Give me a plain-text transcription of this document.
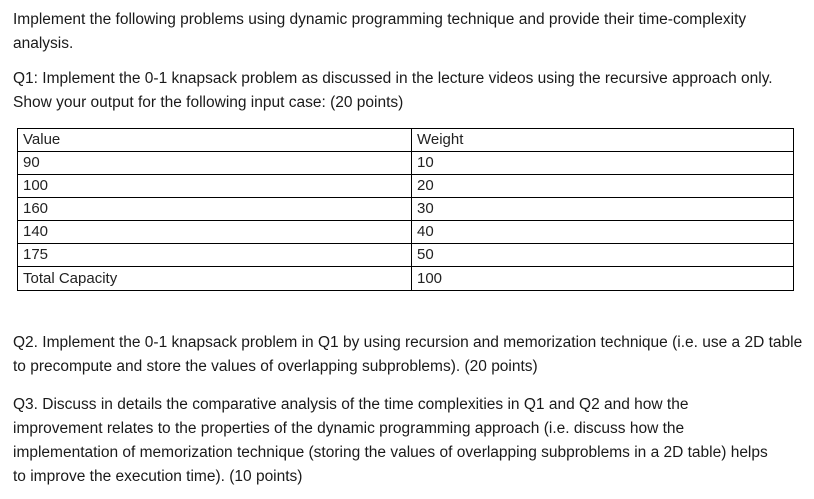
Implement the following problems using dynamic programming technique and provide their time-complexity analysis.

Q1: Implement the 0-1 knapsack problem as discussed in the lecture videos using the recursive approach only. Show your output for the following input case: (20 points)

Value	Weight
90	10
100	20
160	30
140	40
175	50
Total Capacity	100

Q2. Implement the 0-1 knapsack problem in Q1 by using recursion and memorization technique (i.e. use a 2D table to precompute and store the values of overlapping subproblems). (20 points)

Q3. Discuss in details the comparative analysis of the time complexities in Q1 and Q2 and how the improvement relates to the properties of the dynamic programming approach (i.e. discuss how the implementation of memorization technique (storing the values of overlapping subproblems in a 2D table) helps to improve the execution time). (10 points)
